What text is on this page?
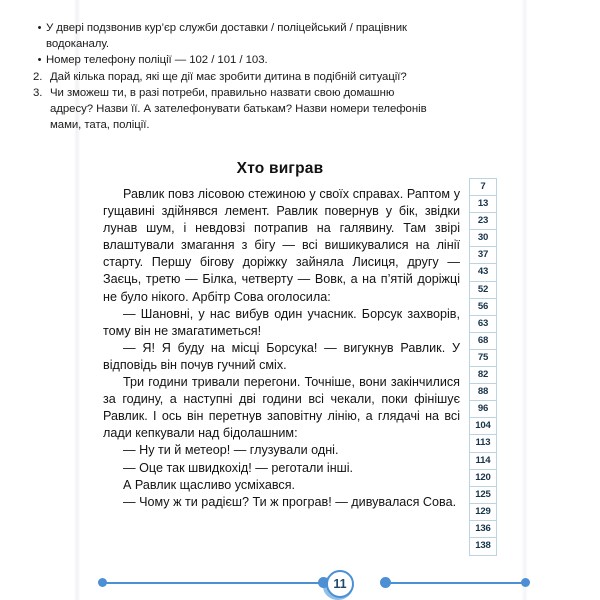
• У дверi подзвонив кур’єр служби доставки / полiцейський / працiвник водоканалу.
• Номер телефону полiцiї — 102 / 101 / 103.
2. Дай кiлька порад, якi ще дiї має зробити дитина в подiбнiй ситуацiї?
3. Чи зможеш ти, в разi потреби, правильно назвати свою домашню адресу? Назви її. А зателефонувати батькам? Назви номери телефонiв мами, тата, полiцiї.
Хто виграв

Равлик повз лiсовою стежиною у своїх справах. Раптом у гущавинi здiйнявся лемент. Равлик повернув у бiк, звiдки лунав шум, i невдовзi потрапив на галявину. Там звiрi влаштували змагання з бiгу — всi вишикувалися на лiнiї старту. Першу бiгову дорiжку зайняла Лисиця, другу — Заєць, третю — Бiлка, четверту — Вовк, а на п’ятiй дорiжцi не було нiкого. Арбiтр Сова оголосила:

— Шановнi, у нас вибув один учасник. Борсук захворiв, тому вiн не змагатиметься!

— Я! Я буду на мiсцi Борсука! — вигукнув Равлик. У вiдповiдь вiн почув гучний смiх.

Три години тривали перегони. Точнiше, вони закiнчилися за годину, а наступнi двi години всi чекали, поки фiнiшує Равлик. I ось вiн перетнув заповiтну лiнiю, а глядачi на всi лади кепкували над бiдолашним:

— Ну ти й метеор! — глузували однi.

— Оце так швидкохiд! — реготали iншi.

А Равлик щасливо усмiхався.

— Чому ж ти радiєш? Ти ж програв! — дивувалася Сова.

7
13
23
30
37
43
52
56
63
68
75
82
88
96
104
113
114
120
125
129
136
138
11
